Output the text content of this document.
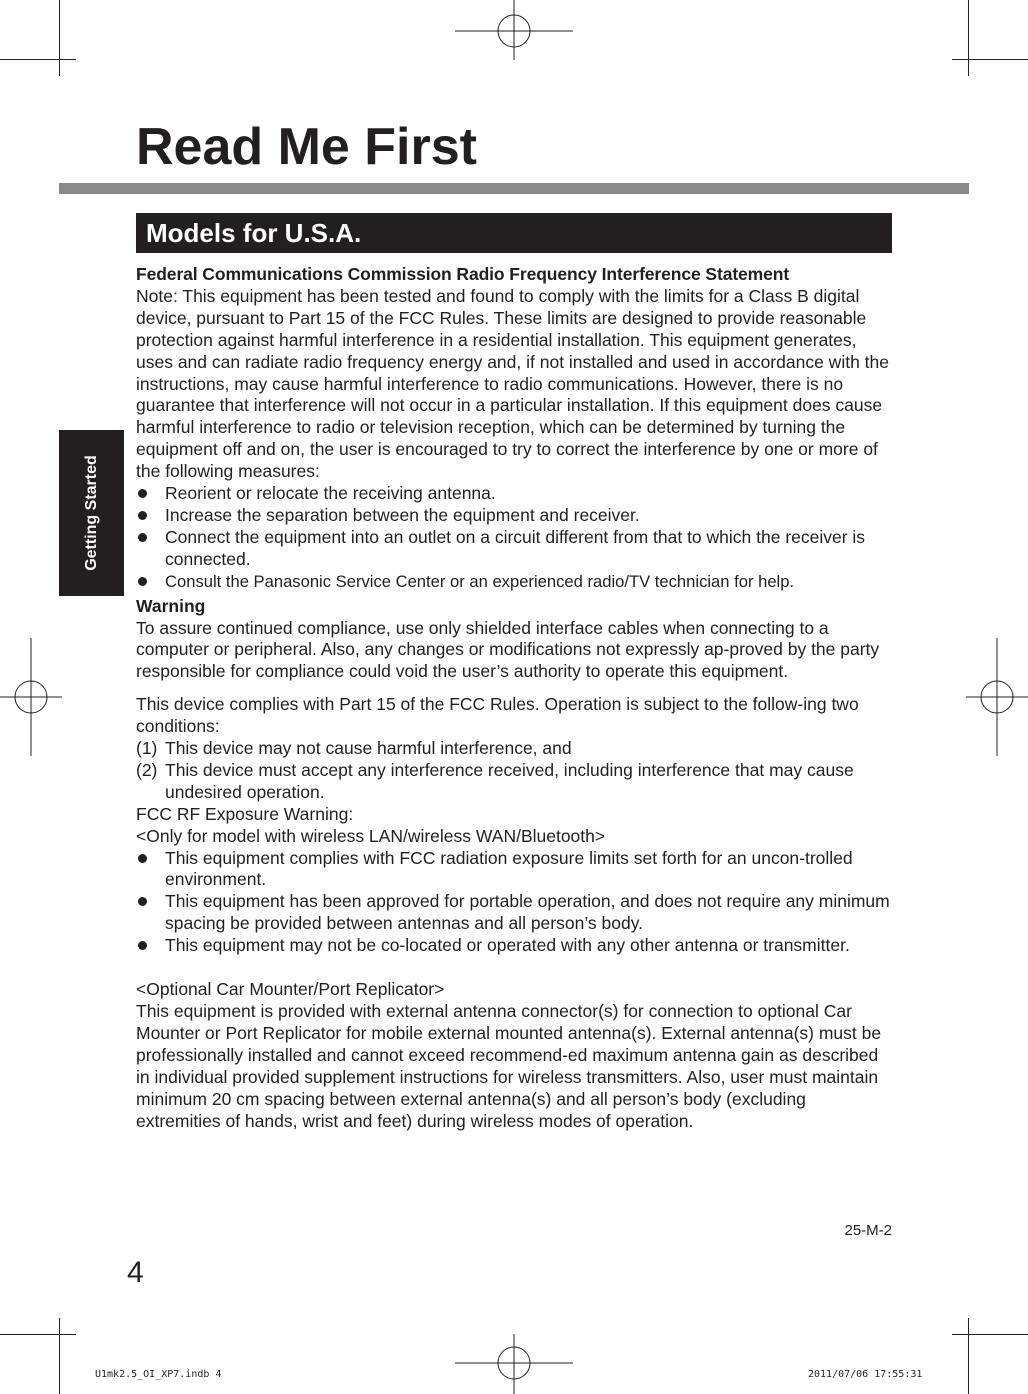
Read Me First
Getting Started
Models for U.S.A.

Federal Communications Commission Radio Frequency Interference Statement

Note: This equipment has been tested and found to comply with the limits for a Class B digital device, pursuant to Part 15 of the FCC Rules. These limits are designed to provide reasonable protection against harmful interference in a residential installation. This equipment generates, uses and can radiate radio frequency energy and, if not installed and used in accordance with the instructions, may cause harmful interference to radio communications. However, there is no guarantee that interference will not occur in a particular installation. If this equipment does cause harmful interference to radio or television reception, which can be determined by turning the equipment off and on, the user is encouraged to try to correct the interference by one or more of the following measures:

Reorient or relocate the receiving antenna.

Increase the separation between the equipment and receiver.

Connect the equipment into an outlet on a circuit different from that to which the receiver is connected.

Consult the Panasonic Service Center or an experienced radio/TV technician for help.

Warning

To assure continued compliance, use only shielded interface cables when connecting to a computer or peripheral. Also, any changes or modifications not expressly ap-proved by the party responsible for compliance could void the user’s authority to operate this equipment.

This device complies with Part 15 of the FCC Rules. Operation is subject to the follow-ing two conditions:

(1) This device may not cause harmful interference, and

(2) This device must accept any interference received, including interference that may cause undesired operation.

FCC RF Exposure Warning:

<Only for model with wireless LAN/wireless WAN/Bluetooth>

This equipment complies with FCC radiation exposure limits set forth for an uncon-trolled environment.

This equipment has been approved for portable operation, and does not require any minimum spacing be provided between antennas and all person’s body.

This equipment may not be co-located or operated with any other antenna or transmitter.

<Optional Car Mounter/Port Replicator>

This equipment is provided with external antenna connector(s) for connection to optional Car Mounter or Port Replicator for mobile external mounted antenna(s). External antenna(s) must be professionally installed and cannot exceed recommend-ed maximum antenna gain as described in individual provided supplement instructions for wireless transmitters. Also, user must maintain minimum 20 cm spacing between external antenna(s) and all person’s body (excluding extremities of hands, wrist and feet) during wireless modes of operation.

25-M-2
4
U1mk2.5_OI_XP7.indb 4	2011/07/06 17:55:31
